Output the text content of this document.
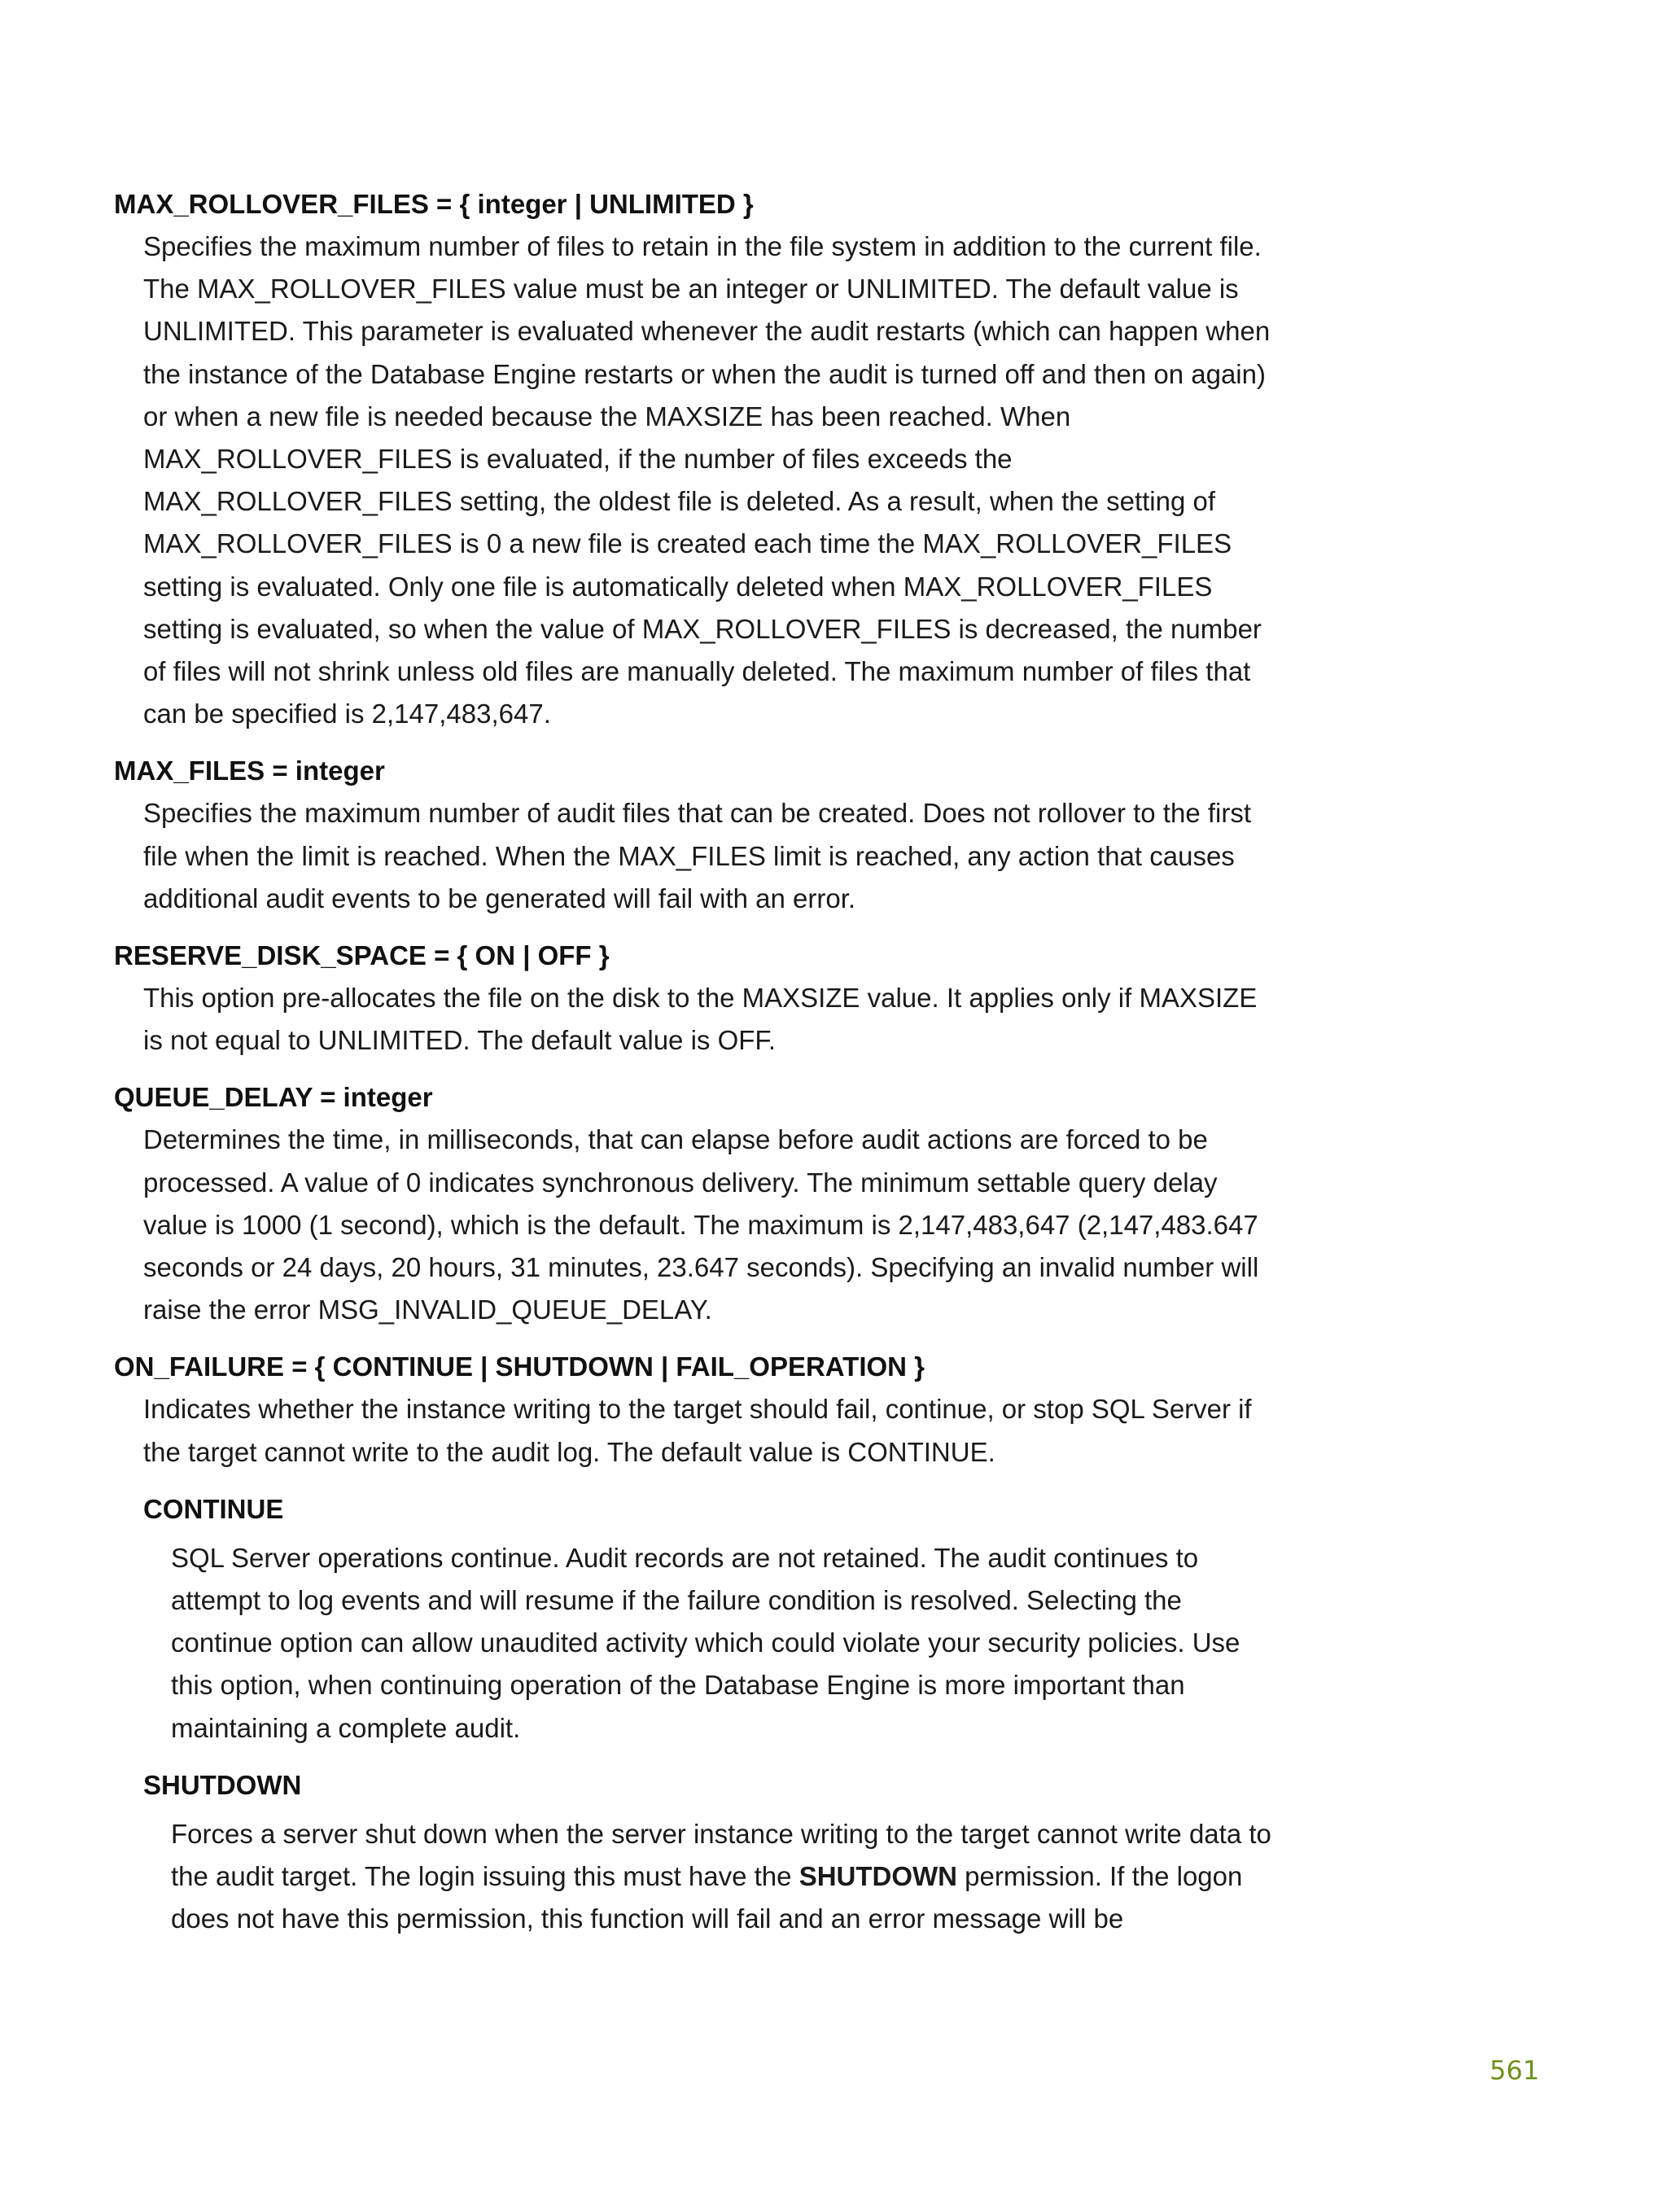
MAX_ROLLOVER_FILES = { integer | UNLIMITED }

Specifies the maximum number of files to retain in the file system in addition to the current file. The MAX_ROLLOVER_FILES value must be an integer or UNLIMITED. The default value is UNLIMITED. This parameter is evaluated whenever the audit restarts (which can happen when the instance of the Database Engine restarts or when the audit is turned off and then on again) or when a new file is needed because the MAXSIZE has been reached. When MAX_ROLLOVER_FILES is evaluated, if the number of files exceeds the MAX_ROLLOVER_FILES setting, the oldest file is deleted. As a result, when the setting of MAX_ROLLOVER_FILES is 0 a new file is created each time the MAX_ROLLOVER_FILES setting is evaluated. Only one file is automatically deleted when MAX_ROLLOVER_FILES setting is evaluated, so when the value of MAX_ROLLOVER_FILES is decreased, the number of files will not shrink unless old files are manually deleted. The maximum number of files that can be specified is 2,147,483,647.

MAX_FILES = integer

Specifies the maximum number of audit files that can be created. Does not rollover to the first file when the limit is reached. When the MAX_FILES limit is reached, any action that causes additional audit events to be generated will fail with an error.

RESERVE_DISK_SPACE = { ON | OFF }

This option pre-allocates the file on the disk to the MAXSIZE value. It applies only if MAXSIZE is not equal to UNLIMITED. The default value is OFF.

QUEUE_DELAY = integer

Determines the time, in milliseconds, that can elapse before audit actions are forced to be processed. A value of 0 indicates synchronous delivery. The minimum settable query delay value is 1000 (1 second), which is the default. The maximum is 2,147,483,647 (2,147,483.647 seconds or 24 days, 20 hours, 31 minutes, 23.647 seconds). Specifying an invalid number will raise the error MSG_INVALID_QUEUE_DELAY.

ON_FAILURE = { CONTINUE | SHUTDOWN | FAIL_OPERATION }

Indicates whether the instance writing to the target should fail, continue, or stop SQL Server if the target cannot write to the audit log. The default value is CONTINUE.

CONTINUE

SQL Server operations continue. Audit records are not retained. The audit continues to attempt to log events and will resume if the failure condition is resolved. Selecting the continue option can allow unaudited activity which could violate your security policies. Use this option, when continuing operation of the Database Engine is more important than maintaining a complete audit.

SHUTDOWN

Forces a server shut down when the server instance writing to the target cannot write data to the audit target. The login issuing this must have the SHUTDOWN permission. If the logon does not have this permission, this function will fail and an error message will be

561
